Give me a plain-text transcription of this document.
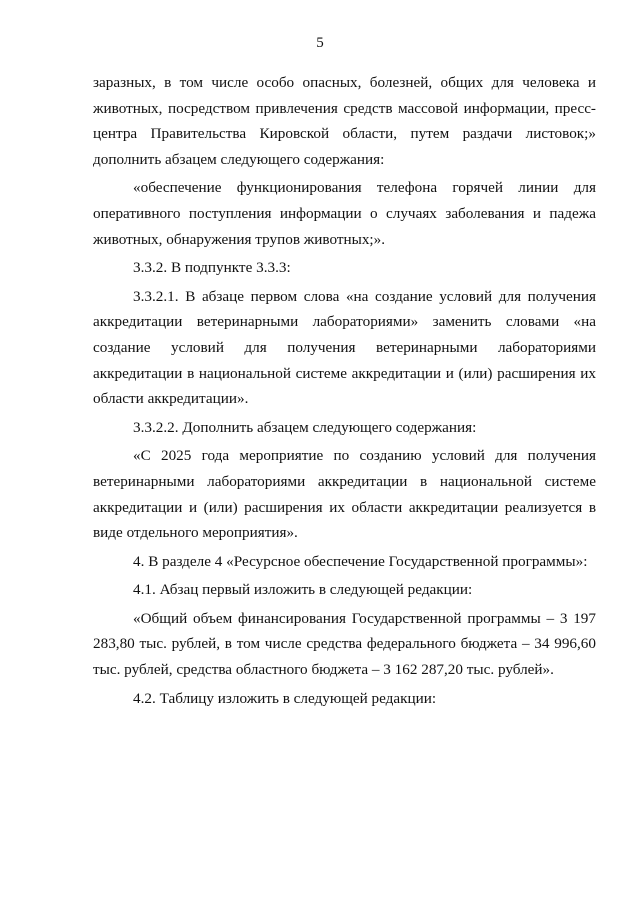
5

заразных, в том числе особо опасных, болезней, общих для человека и животных, посредством привлечения средств массовой информации, пресс-центра Правительства Кировской области, путем раздачи листовок;» дополнить абзацем следующего содержания:

«обеспечение функционирования телефона горячей линии для оперативного поступления информации о случаях заболевания и падежа животных, обнаружения трупов животных;».

3.3.2. В подпункте 3.3.3:

3.3.2.1. В абзаце первом слова «на создание условий для получения аккредитации ветеринарными лабораториями» заменить словами «на создание условий для получения ветеринарными лабораториями аккредитации в национальной системе аккредитации и (или) расширения их области аккредитации».

3.3.2.2. Дополнить абзацем следующего содержания:

«С 2025 года мероприятие по созданию условий для получения ветеринарными лабораториями аккредитации в национальной системе аккредитации и (или) расширения их области аккредитации реализуется в виде отдельного мероприятия».

4. В разделе 4 «Ресурсное обеспечение Государственной программы»:

4.1. Абзац первый изложить в следующей редакции:

«Общий объем финансирования Государственной программы – 3 197 283,80 тыс. рублей, в том числе средства федерального бюджета – 34 996,60 тыс. рублей, средства областного бюджета – 3 162 287,20 тыс. рублей».

4.2. Таблицу изложить в следующей редакции:
